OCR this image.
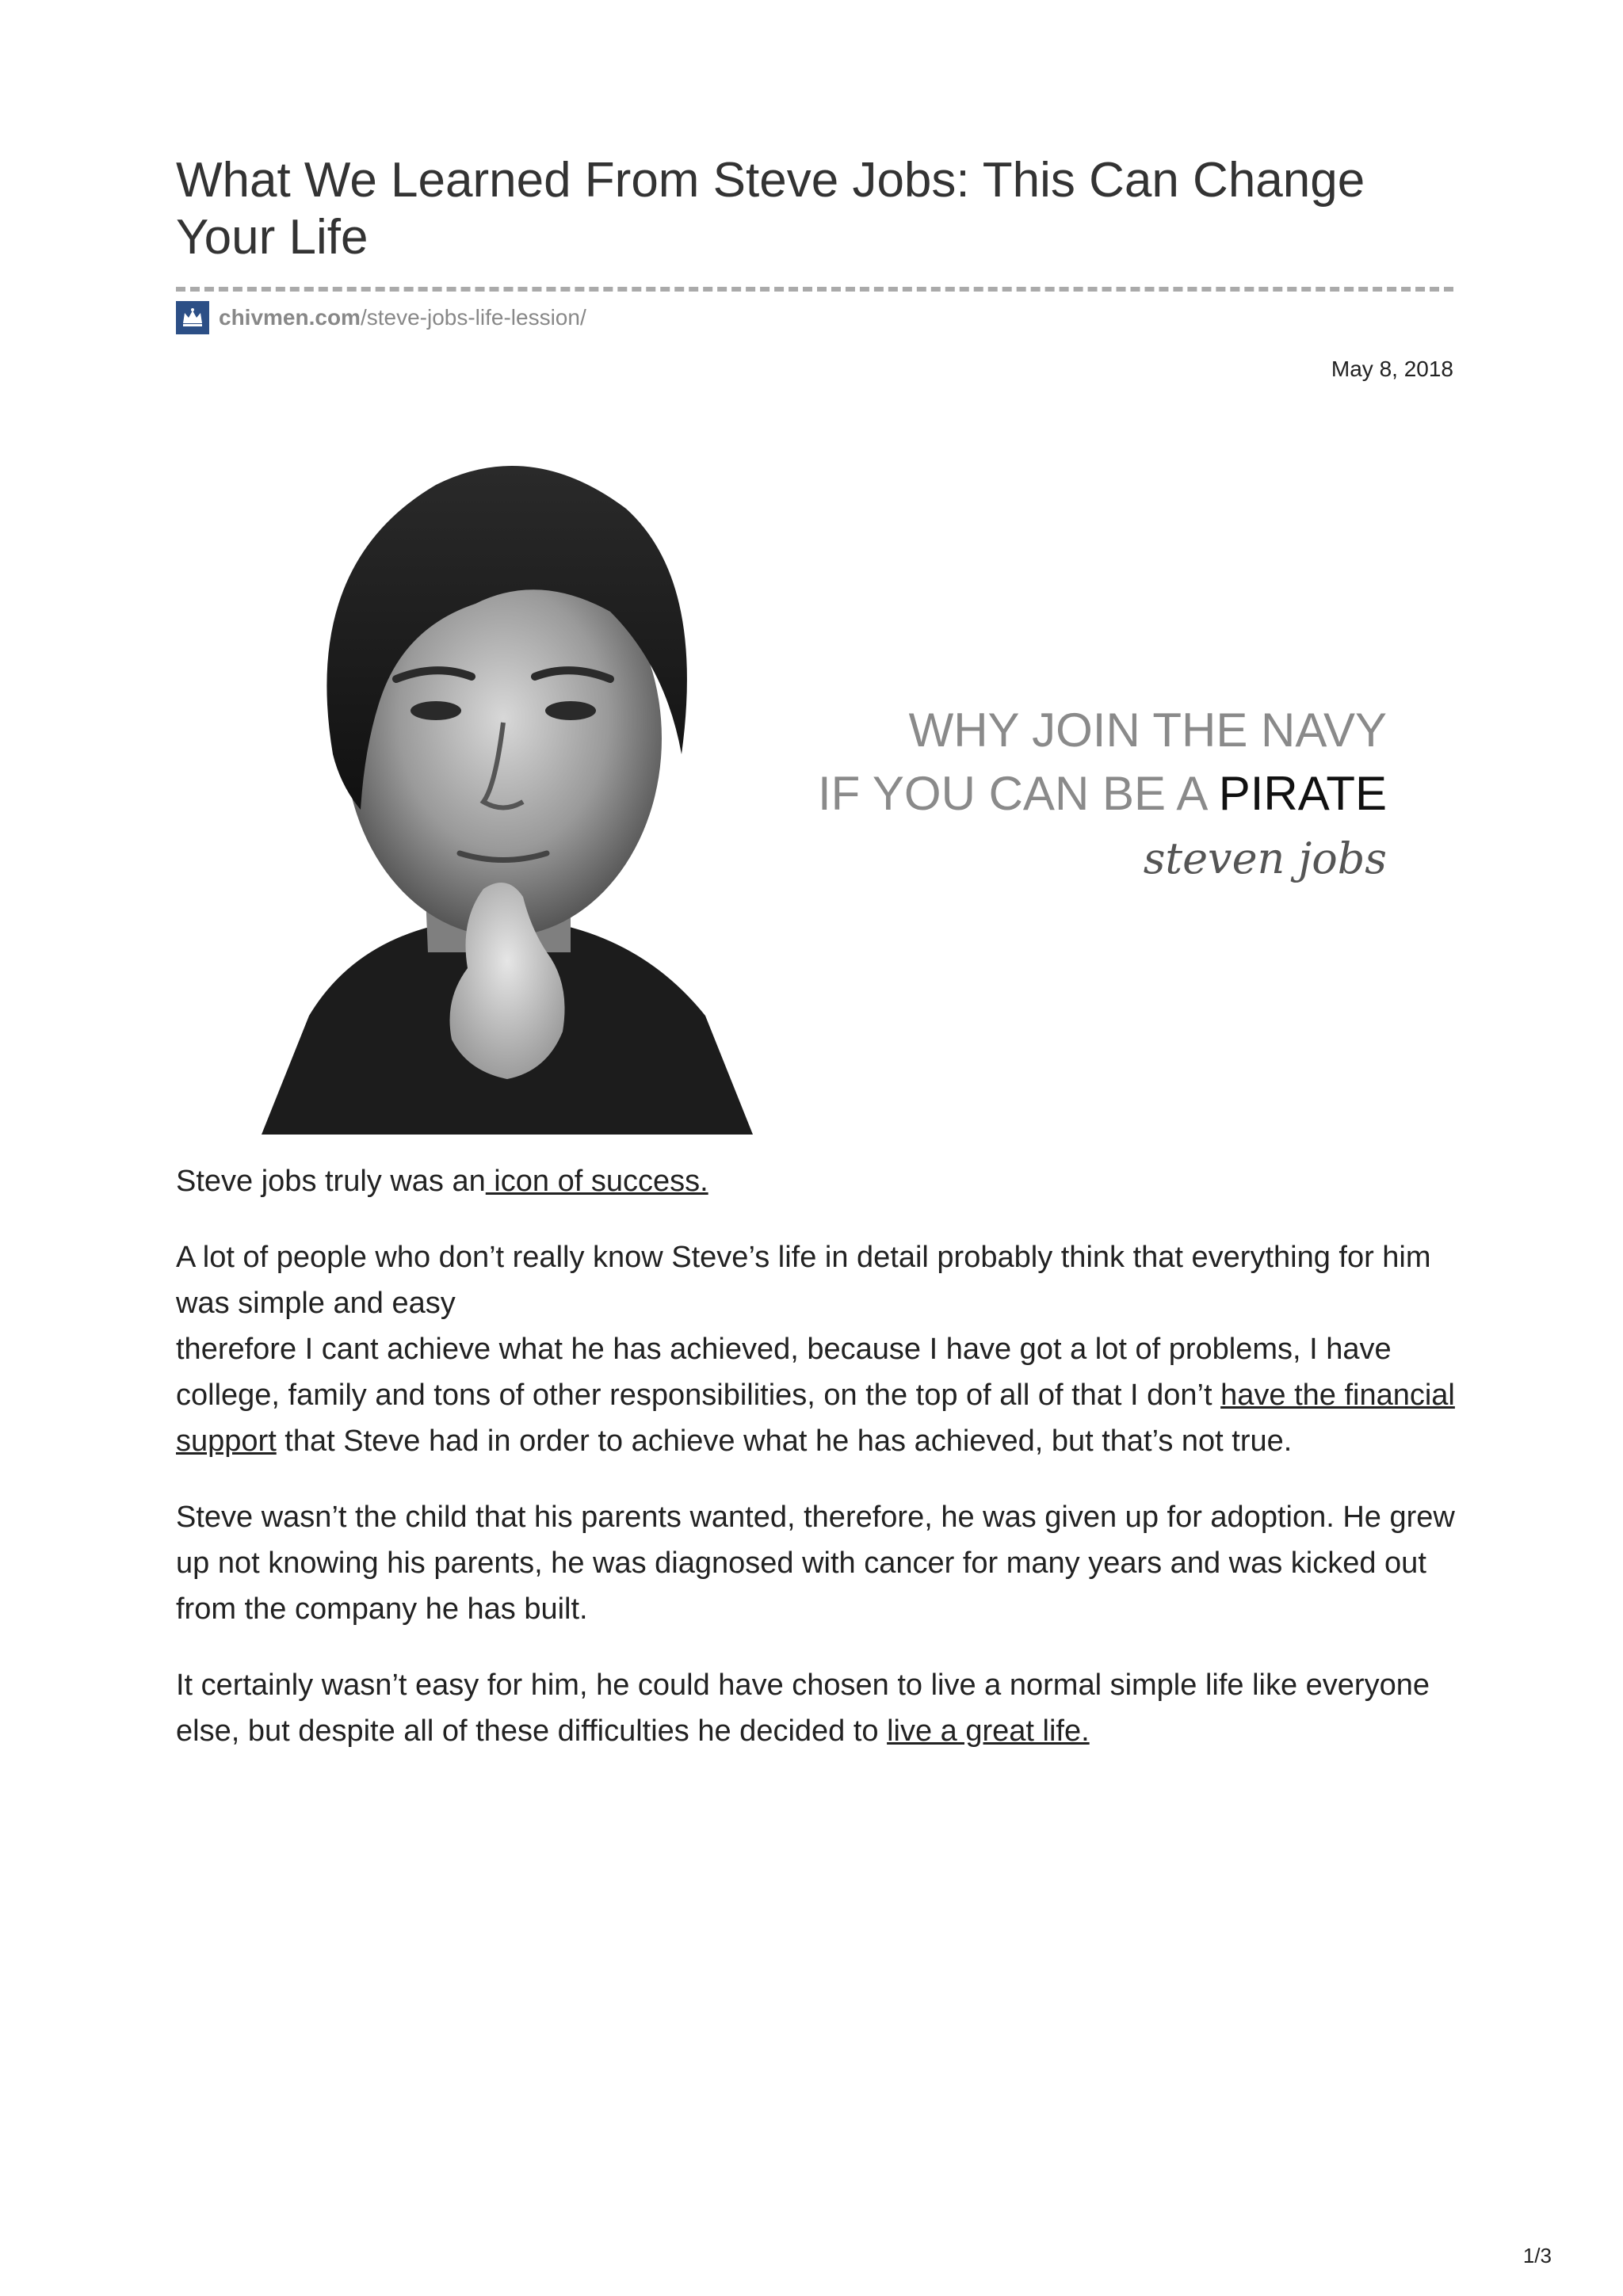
What We Learned From Steve Jobs: This Can Change Your Life
chivmen.com /steve-jobs-life-lession/
May 8, 2018
WHY JOIN THE NAVY
IF YOU CAN BE A PIRATE
steven jobs

Steve jobs truly was an icon of success.

A lot of people who don’t really know Steve’s life in detail probably think that everything for him was simple and easy
therefore I cant achieve what he has achieved, because I have got a lot of problems, I have college, family and tons of other responsibilities, on the top of all of that I don’t have the financial support that Steve had in order to achieve what he has achieved, but that’s not true.

Steve wasn’t the child that his parents wanted, therefore, he was given up for adoption. He grew up not knowing his parents, he was diagnosed with cancer for many years and was kicked out from the company he has built.

It certainly wasn’t easy for him, he could have chosen to live a normal simple life like everyone else, but despite all of these difficulties he decided to live a great life.

1/3
